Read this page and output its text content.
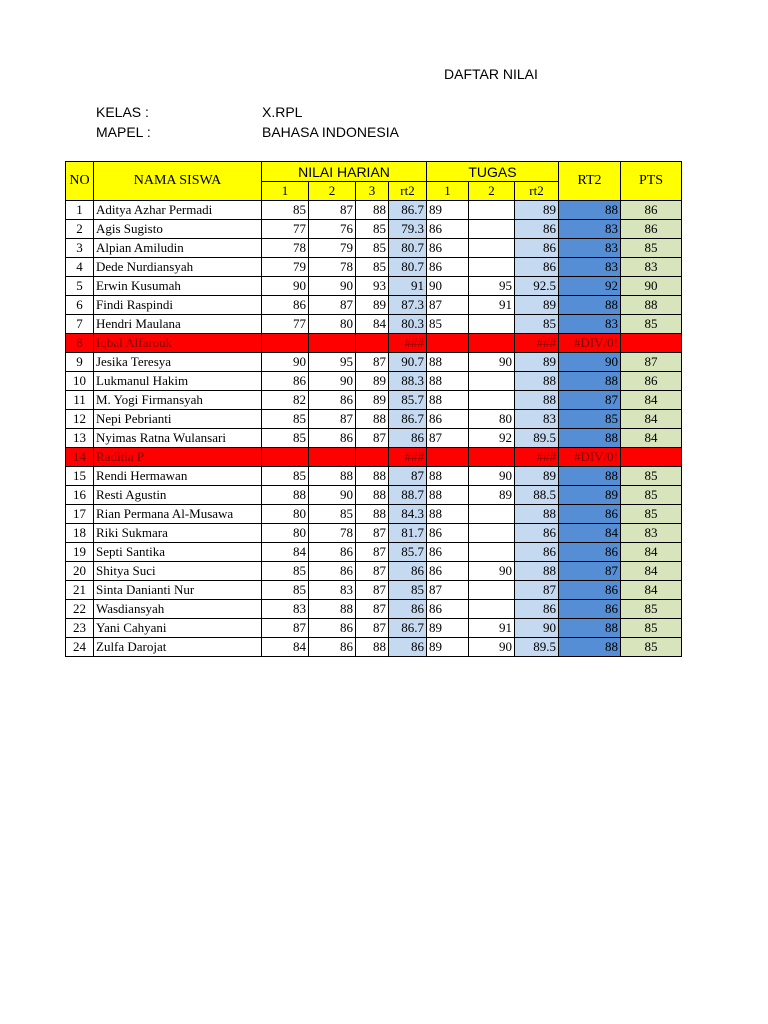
DAFTAR NILAI
KELAS :	X.RPL
MAPEL :	BAHASA INDONESIA
NO	NAMA SISWA	NILAI HARIAN				TUGAS			RT2	PTS
		1	2	3	rt2	1	2	rt2		
1	Aditya Azhar Permadi	85	87	88	86.7	89		89	88	86
2	Agis Sugisto	77	76	85	79.3	86		86	83	86
3	Alpian Amiludin	78	79	85	80.7	86		86	83	85
4	Dede Nurdiansyah	79	78	85	80.7	86		86	83	83
5	Erwin Kusumah	90	90	93	91	90	95	92.5	92	90
6	Findi Raspindi	86	87	89	87.3	87	91	89	88	88
7	Hendri Maulana	77	80	84	80.3	85		85	83	85
8	Iqbal Alfarouk				###			###	#DIV/0!	
9	Jesika Teresya	90	95	87	90.7	88	90	89	90	87
10	Lukmanul Hakim	86	90	89	88.3	88		88	88	86
11	M. Yogi Firmansyah	82	86	89	85.7	88		88	87	84
12	Nepi Pebrianti	85	87	88	86.7	86	80	83	85	84
13	Nyimas Ratna Wulansari	85	86	87	86	87	92	89.5	88	84
14	Raditia P				###			###	#DIV/0!	
15	Rendi Hermawan	85	88	88	87	88	90	89	88	85
16	Resti Agustin	88	90	88	88.7	88	89	88.5	89	85
17	Rian Permana Al-Musawa	80	85	88	84.3	88		88	86	85
18	Riki Sukmara	80	78	87	81.7	86		86	84	83
19	Septi Santika	84	86	87	85.7	86		86	86	84
20	Shitya Suci	85	86	87	86	86	90	88	87	84
21	Sinta Danianti Nur	85	83	87	85	87		87	86	84
22	Wasdiansyah	83	88	87	86	86		86	86	85
23	Yani Cahyani	87	86	87	86.7	89	91	90	88	85
24	Zulfa Darojat	84	86	88	86	89	90	89.5	88	85
